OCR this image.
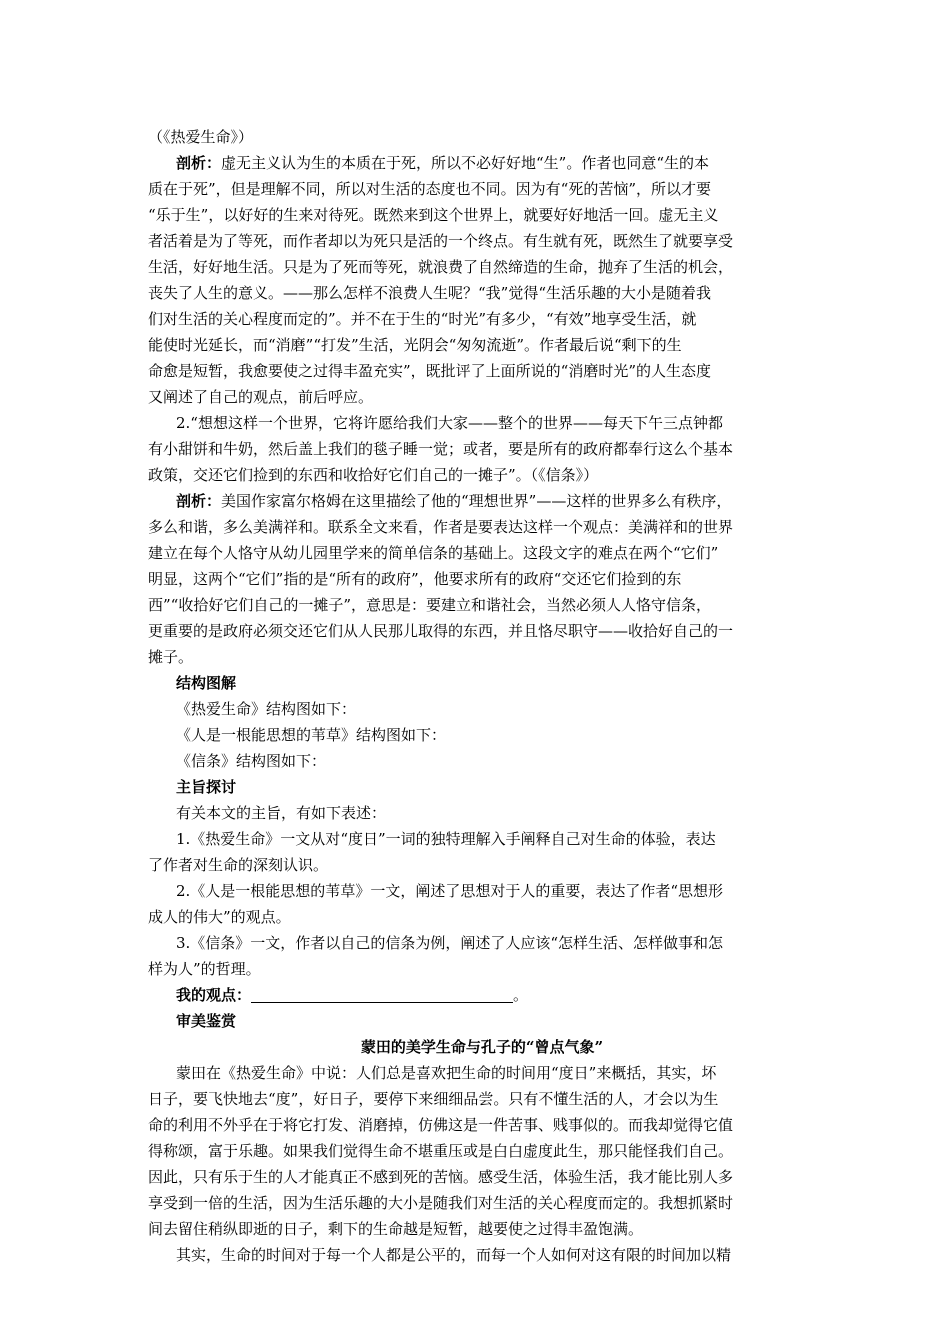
（《热爱生命》）
剖析：虚无主义认为生的本质在于死，所以不必好好地“生”。作者也同意“生的本
质在于死”，但是理解不同，所以对生活的态度也不同。因为有“死的苦恼”，所以才要
“乐于生”，以好好的生来对待死。既然来到这个世界上，就要好好地活一回。虚无主义
者活着是为了等死，而作者却以为死只是活的一个终点。有生就有死，既然生了就要享受
生活，好好地生活。只是为了死而等死，就浪费了自然缔造的生命，抛弃了生活的机会，
丧失了人生的意义。——那么怎样不浪费人生呢？“我”觉得“生活乐趣的大小是随着我
们对生活的关心程度而定的”。并不在于生的“时光”有多少，“有效”地享受生活，就
能使时光延长，而“消磨”“打发”生活，光阴会“匆匆流逝”。作者最后说“剩下的生
命愈是短暂，我愈要使之过得丰盈充实”，既批评了上面所说的“消磨时光”的人生态度
又阐述了自己的观点，前后呼应。
2.“想想这样一个世界，它将许愿给我们大家——整个的世界——每天下午三点钟都
有小甜饼和牛奶，然后盖上我们的毯子睡一觉；或者，要是所有的政府都奉行这么个基本
政策，交还它们捡到的东西和收拾好它们自己的一摊子”。（《信条》）
剖析：美国作家富尔格姆在这里描绘了他的“理想世界”——这样的世界多么有秩序，
多么和谐，多么美满祥和。联系全文来看，作者是要表达这样一个观点：美满祥和的世界
建立在每个人恪守从幼儿园里学来的简单信条的基础上。这段文字的难点在两个“它们”
明显，这两个“它们”指的是“所有的政府”，他要求所有的政府“交还它们捡到的东
西”“收拾好它们自己的一摊子”，意思是：要建立和谐社会，当然必须人人恪守信条，
更重要的是政府必须交还它们从人民那儿取得的东西，并且恪尽职守——收拾好自己的一
摊子。
结构图解
《热爱生命》结构图如下：
《人是一根能思想的苇草》结构图如下：
《信条》结构图如下：
主旨探讨
有关本文的主旨，有如下表述：
1.《热爱生命》一文从对“度日”一词的独特理解入手阐释自己对生命的体验，表达
了作者对生命的深刻认识。
2.《人是一根能思想的苇草》一文，阐述了思想对于人的重要，表达了作者“思想形
成人的伟大”的观点。
3.《信条》一文，作者以自己的信条为例，阐述了人应该“怎样生活、怎样做事和怎
样为人”的哲理。
我的观点：	。
审美鉴赏
蒙田的美学生命与孔子的“曾点气象”
蒙田在《热爱生命》中说：人们总是喜欢把生命的时间用“度日”来概括，其实，坏
日子，要飞快地去“度”，好日子，要停下来细细品尝。只有不懂生活的人，才会以为生
命的利用不外乎在于将它打发、消磨掉，仿佛这是一件苦事、贱事似的。而我却觉得它值
得称颂，富于乐趣。如果我们觉得生命不堪重压或是白白虚度此生，那只能怪我们自己。
因此，只有乐于生的人才能真正不感到死的苦恼。感受生活，体验生活，我才能比别人多
享受到一倍的生活，因为生活乐趣的大小是随我们对生活的关心程度而定的。我想抓紧时
间去留住稍纵即逝的日子，剩下的生命越是短暂，越要使之过得丰盈饱满。
其实，生命的时间对于每一个人都是公平的，而每一个人如何对这有限的时间加以精
